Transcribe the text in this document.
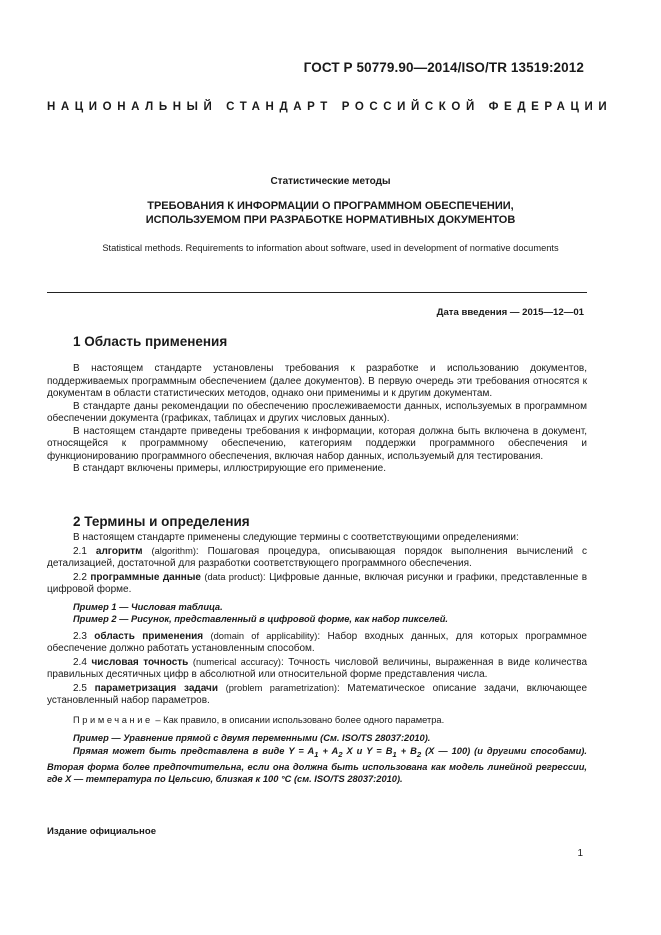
ГОСТ Р 50779.90—2014/ISO/TR 13519:2012
НАЦИОНАЛЬНЫЙ СТАНДАРТ РОССИЙСКОЙ ФЕДЕРАЦИИ
Статистические методы
ТРЕБОВАНИЯ К ИНФОРМАЦИИ О ПРОГРАММНОМ ОБЕСПЕЧЕНИИ,
ИСПОЛЬЗУЕМОМ ПРИ РАЗРАБОТКЕ НОРМАТИВНЫХ ДОКУМЕНТОВ
Statistical methods. Requirements to information about software, used in development of normative documents
Дата введения — 2015—12—01
1 Область применения

В настоящем стандарте установлены требования к разработке и использованию документов, поддерживаемых программным обеспечением (далее документов). В первую очередь эти требования относятся к документам в области статистических методов, однако они применимы и к другим документам.

В стандарте даны рекомендации по обеспечению прослеживаемости данных, используемых в программном обеспечении документа (графиках, таблицах и других числовых данных).

В настоящем стандарте приведены требования к информации, которая должна быть включена в документ, относящейся к программному обеспечению, категориям поддержки программного обеспечения и функционированию программного обеспечения, включая набор данных, используемый для тестирования.

В стандарт включены примеры, иллюстрирующие его применение.

2 Термины и определения

В настоящем стандарте применены следующие термины с соответствующими определениями:

2.1 алгоритм (algorithm): Пошаговая процедура, описывающая порядок выполнения вычислений с детализацией, достаточной для разработки соответствующего программного обеспечения.

2.2 программные данные (data product): Цифровые данные, включая рисунки и графики, представленные в цифровой форме.

Пример 1 — Числовая таблица.

Пример 2 — Рисунок, представленный в цифровой форме, как набор пикселей.

2.3 область применения (domain of applicability): Набор входных данных, для которых программное обеспечение должно работать установленным способом.

2.4 числовая точность (numerical accuracy): Точность числовой величины, выраженная в виде количества правильных десятичных цифр в абсолютной или относительной форме представления числа.

2.5 параметризация задачи (problem parametrization): Математическое описание задачи, включающее установленный набор параметров.

Примечание – Как правило, в описании использовано более одного параметра.

Пример — Уравнение прямой с двумя переменными (См. ISO/TS 28037:2010).

Прямая может быть представлена в виде $Y = A_1 + A_2$ X и $Y = B_1 + B_2$ (X — 100) (и другими способами). Вторая форма более предпочтительна, если она должна быть использована как модель линейной регрессии, где X — температура по Цельсию, близкая к 100 °С (см. ISO/TS 28037:2010).

Издание официальное
1
